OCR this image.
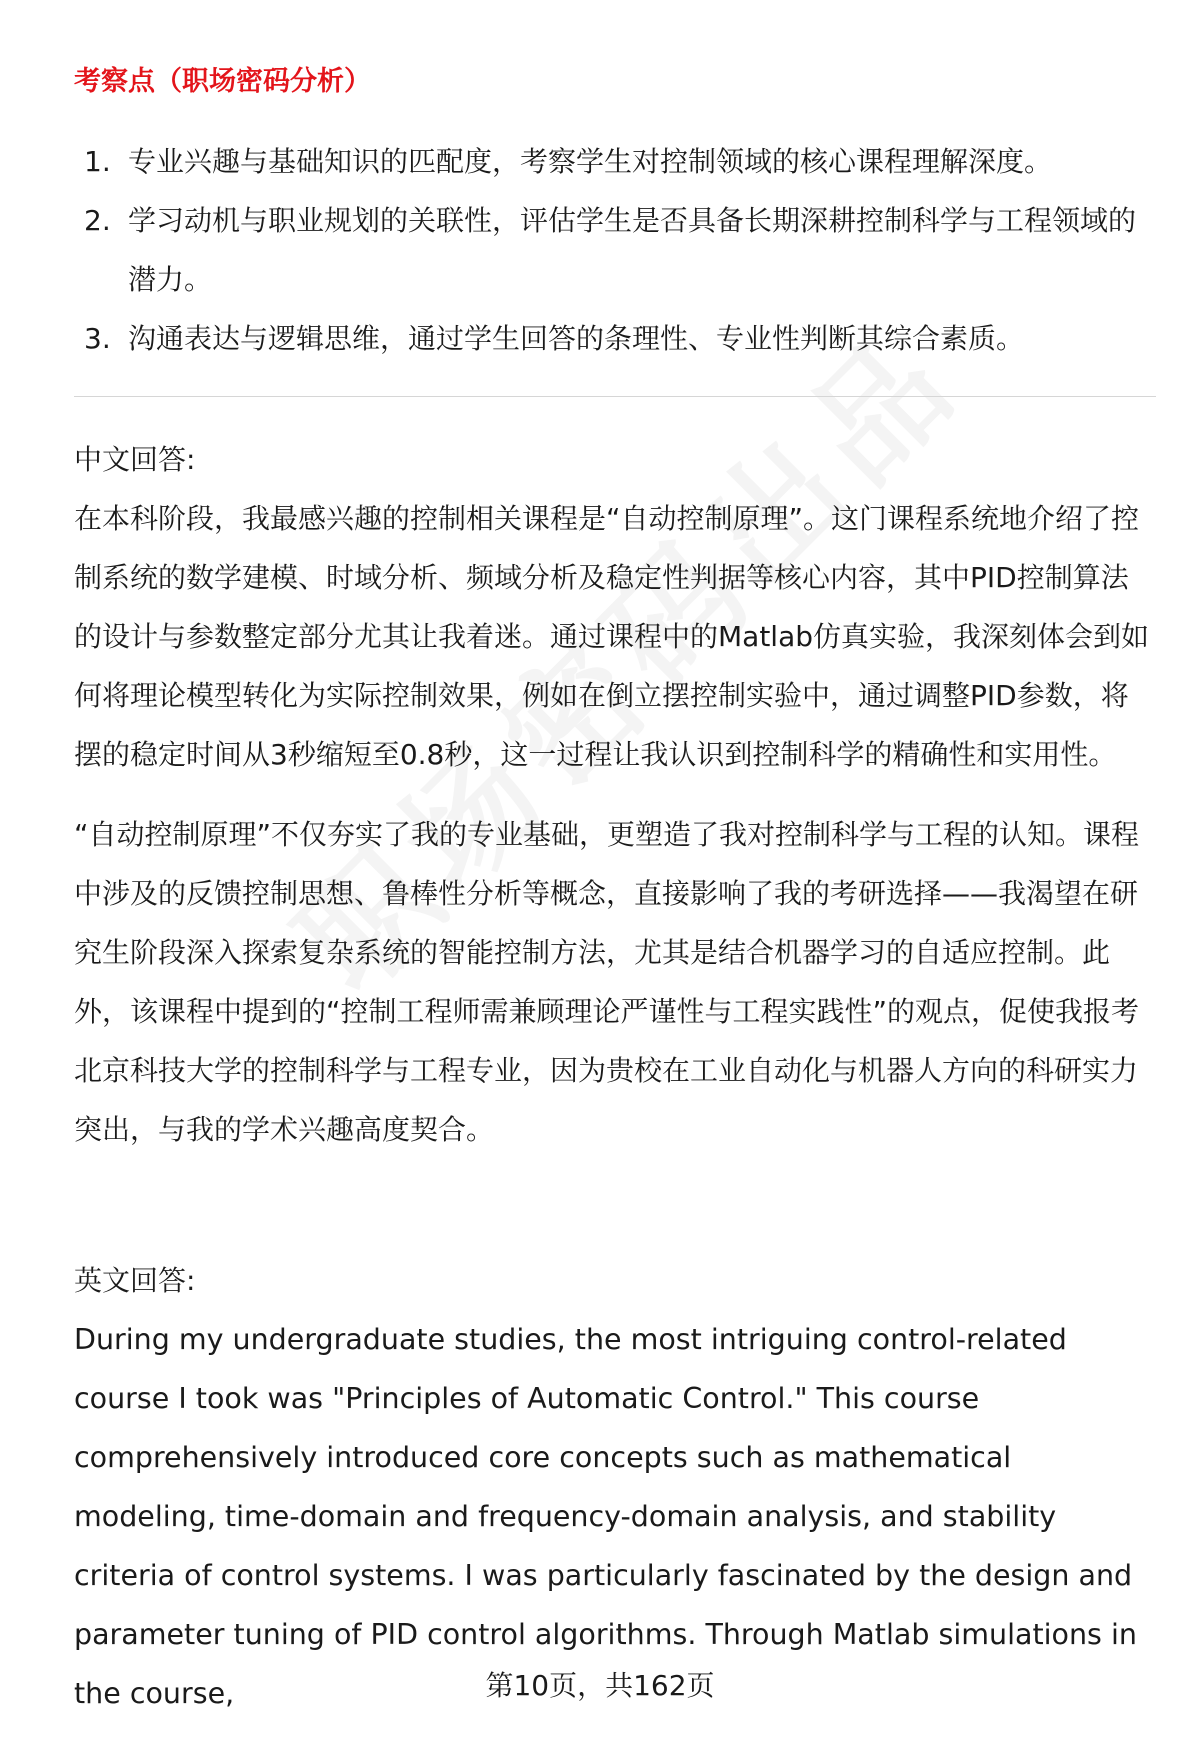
考察点（职场密码分析）
1. 专业兴趣与基础知识的匹配度，考察学生对控制领域的核心课程理解深度。
2. 学习动机与职业规划的关联性，评估学生是否具备长期深耕控制科学与工程领域的潜力。
3. 沟通表达与逻辑思维，通过学生回答的条理性、专业性判断其综合素质。
中文回答:

在本科阶段，我最感兴趣的控制相关课程是“自动控制原理”。这门课程系统地介绍了控制系统的数学建模、时域分析、频域分析及稳定性判据等核心内容，其中PID控制算法的设计与参数整定部分尤其让我着迷。通过课程中的Matlab仿真实验，我深刻体会到如何将理论模型转化为实际控制效果，例如在倒立摆控制实验中，通过调整PID参数，将摆的稳定时间从3秒缩短至0.8秒，这一过程让我认识到控制科学的精确性和实用性。

“自动控制原理”不仅夯实了我的专业基础，更塑造了我对控制科学与工程的认知。课程中涉及的反馈控制思想、鲁棒性分析等概念，直接影响了我的考研选择——我渴望在研究生阶段深入探索复杂系统的智能控制方法，尤其是结合机器学习的自适应控制。此外，该课程中提到的“控制工程师需兼顾理论严谨性与工程实践性”的观点，促使我报考北京科技大学的控制科学与工程专业，因为贵校在工业自动化与机器人方向的科研实力突出，与我的学术兴趣高度契合。

英文回答:

During my undergraduate studies, the most intriguing control-related course I took was "Principles of Automatic Control." This course comprehensively introduced core concepts such as mathematical modeling, time-domain and frequency-domain analysis, and stability criteria of control systems. I was particularly fascinated by the design and parameter tuning of PID control algorithms. Through Matlab simulations in the course,	第10页，共162页
